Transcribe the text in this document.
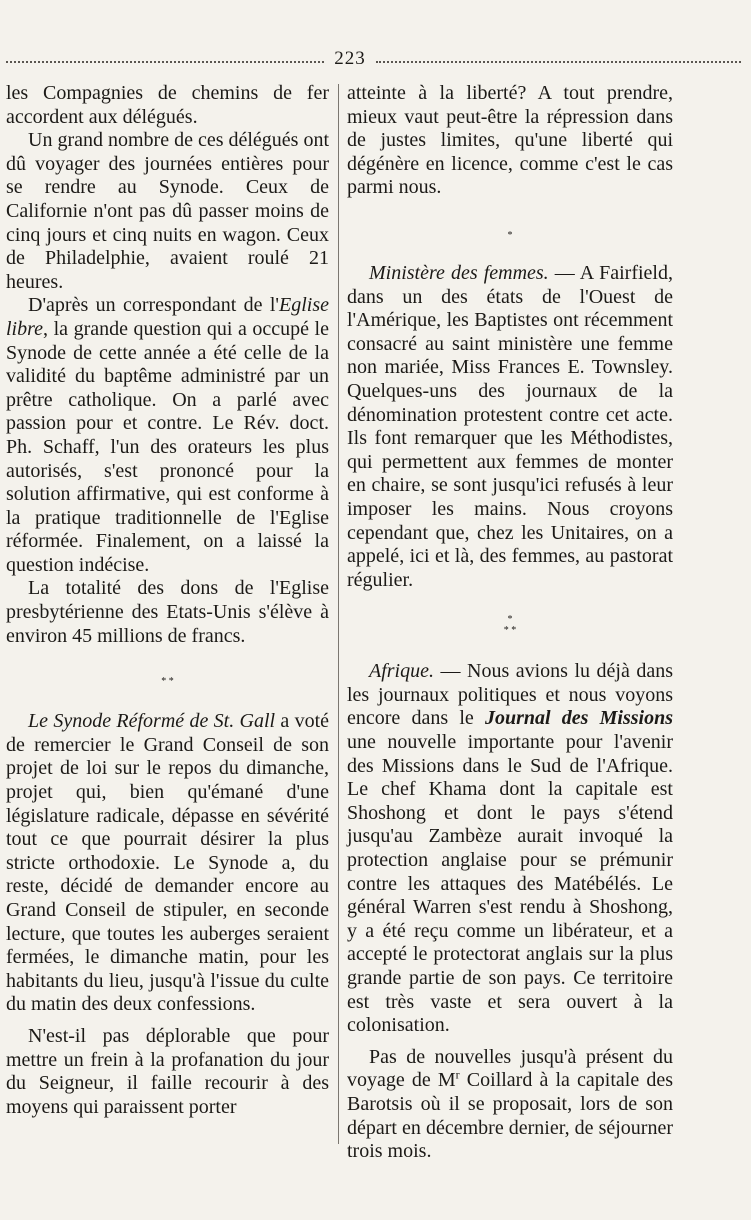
223

les Compagnies de chemins de fer accordent aux délégués.

Un grand nombre de ces délégués ont dû voyager des journées entières pour se rendre au Synode. Ceux de Californie n'ont pas dû passer moins de cinq jours et cinq nuits en wagon. Ceux de Philadelphie, avaient roulé 21 heures.

D'après un correspondant de l'Eglise libre, la grande question qui a occupé le Synode de cette année a été celle de la validité du baptême administré par un prêtre catholique. On a parlé avec passion pour et contre. Le Rév. doct. Ph. Schaff, l'un des orateurs les plus autorisés, s'est prononcé pour la solution affirmative, qui est conforme à la pratique traditionnelle de l'Eglise réformée. Finalement, on a laissé la question indécise.

La totalité des dons de l'Eglise presbytérienne des Etats-Unis s'élève à environ 45 millions de francs.

* *

Le Synode Réformé de St. Gall a voté de remercier le Grand Conseil de son projet de loi sur le repos du dimanche, projet qui, bien qu'émané d'une législature radicale, dépasse en sévérité tout ce que pourrait désirer la plus stricte orthodoxie. Le Synode a, du reste, décidé de demander encore au Grand Conseil de stipuler, en seconde lecture, que toutes les auberges seraient fermées, le dimanche matin, pour les habitants du lieu, jusqu'à l'issue du culte du matin des deux confessions.

N'est-il pas déplorable que pour mettre un frein à la profanation du jour du Seigneur, il faille recourir à des moyens qui paraissent porter

atteinte à la liberté? A tout prendre, mieux vaut peut-être la répression dans de justes limites, qu'une liberté qui dégénère en licence, comme c'est le cas parmi nous.

*

Ministère des femmes. — A Fairfield, dans un des états de l'Ouest de l'Amérique, les Baptistes ont récemment consacré au saint ministère une femme non mariée, Miss Frances E. Townsley. Quelques-uns des journaux de la dénomination protestent contre cet acte. Ils font remarquer que les Méthodistes, qui permettent aux femmes de monter en chaire, se sont jusqu'ici refusés à leur imposer les mains. Nous croyons cependant que, chez les Unitaires, on a appelé, ici et là, des femmes, au pastorat régulier.

*
* *

Afrique. — Nous avions lu déjà dans les journaux politiques et nous voyons encore dans le Journal des Missions une nouvelle importante pour l'avenir des Missions dans le Sud de l'Afrique. Le chef Khama dont la capitale est Shoshong et dont le pays s'étend jusqu'au Zambèze aurait invoqué la protection anglaise pour se prémunir contre les attaques des Matébélés. Le général Warren s'est rendu à Shoshong, y a été reçu comme un libérateur, et a accepté le protectorat anglais sur la plus grande partie de son pays. Ce territoire est très vaste et sera ouvert à la colonisation.

Pas de nouvelles jusqu'à présent du voyage de $M^r$ Coillard à la capitale des Barotsis où il se proposait, lors de son départ en décembre dernier, de séjourner trois mois.
